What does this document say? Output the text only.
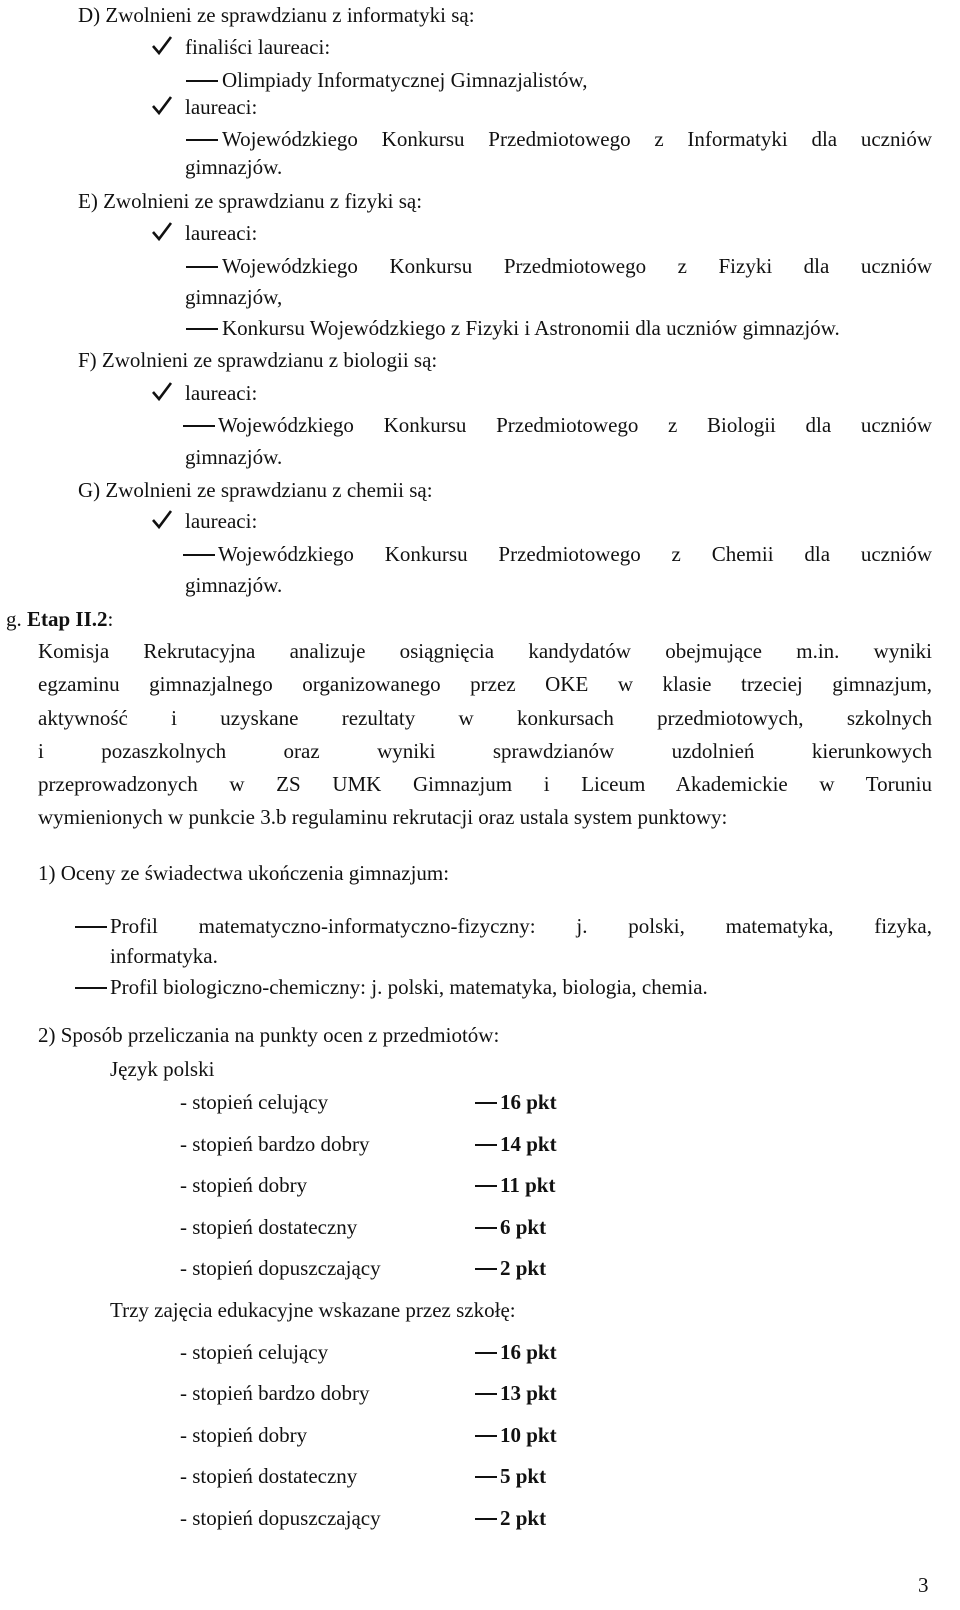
D) Zwolnieni ze sprawdzianu z informatyki są:
finaliści laureaci:
Olimpiady Informatycznej Gimnazjalistów,
laureaci:
Wojewódzkiego Konkursu Przedmiotowego z Informatyki dla uczniów
gimnazjów.
E) Zwolnieni ze sprawdzianu z fizyki są:
laureaci:
Wojewódzkiego Konkursu Przedmiotowego z Fizyki dla uczniów
gimnazjów,
Konkursu Wojewódzkiego z Fizyki i Astronomii dla uczniów gimnazjów.
F) Zwolnieni ze sprawdzianu z biologii są:
laureaci:
Wojewódzkiego Konkursu Przedmiotowego z Biologii dla uczniów
gimnazjów.
G) Zwolnieni ze sprawdzianu z chemii są:
laureaci:
Wojewódzkiego Konkursu Przedmiotowego z Chemii dla uczniów
gimnazjów.
g. Etap II.2:
Komisja Rekrutacyjna analizuje osiągnięcia kandydatów obejmujące m.in. wyniki
egzaminu gimnazjalnego organizowanego przez OKE w klasie trzeciej gimnazjum,
aktywność i uzyskane rezultaty w konkursach przedmiotowych, szkolnych
i pozaszkolnych oraz wyniki sprawdzianów uzdolnień kierunkowych
przeprowadzonych w ZS UMK Gimnazjum i Liceum Akademickie w Toruniu
wymienionych w punkcie 3.b regulaminu rekrutacji oraz ustala system punktowy:
1) Oceny ze świadectwa ukończenia gimnazjum:
Profil matematyczno-informatyczno-fizyczny: j. polski, matematyka, fizyka,
informatyka.
Profil biologiczno-chemiczny: j. polski, matematyka, biologia, chemia.
2) Sposób przeliczania na punkty ocen z przedmiotów:
Język polski
- stopień celujący	16 pkt
- stopień bardzo dobry	14 pkt
- stopień dobry	11 pkt
- stopień dostateczny	6 pkt
- stopień dopuszczający	2 pkt
Trzy zajęcia edukacyjne wskazane przez szkołę:
- stopień celujący	16 pkt
- stopień bardzo dobry	13 pkt
- stopień dobry	10 pkt
- stopień dostateczny	5 pkt
- stopień dopuszczający	2 pkt
3
